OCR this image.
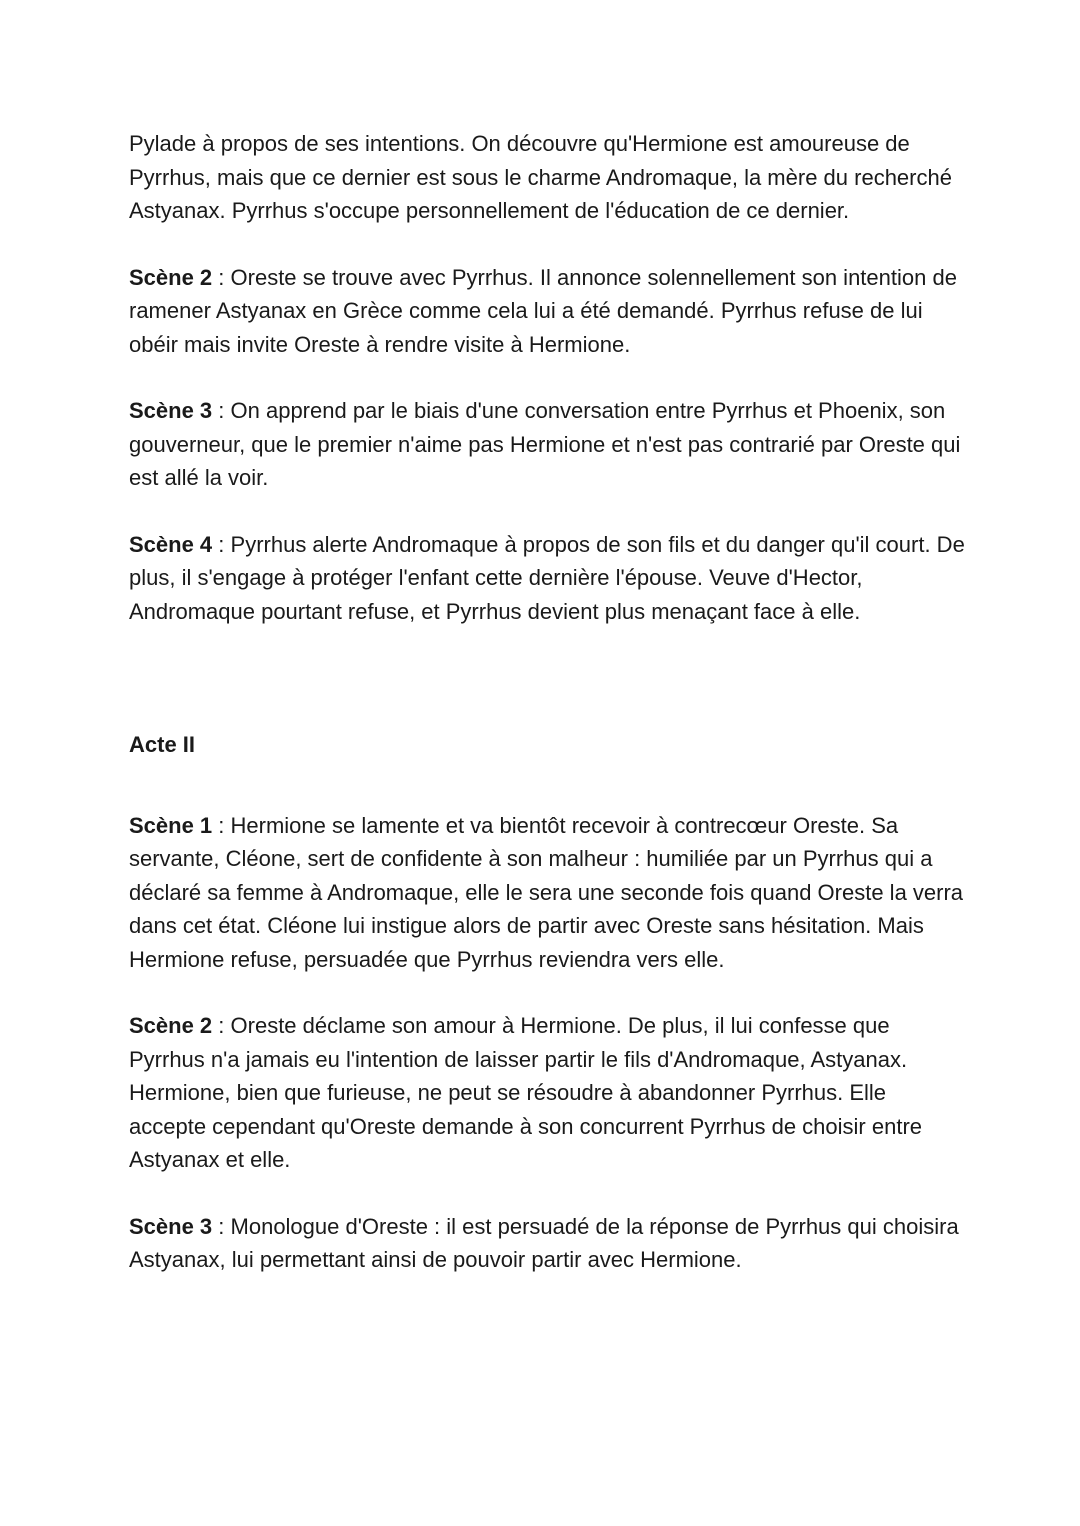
Pylade à propos de ses intentions. On découvre qu'Hermione est amoureuse de Pyrrhus, mais que ce dernier est sous le charme Andromaque, la mère du recherché Astyanax. Pyrrhus s'occupe personnellement de l'éducation de ce dernier.

Scène 2 : Oreste se trouve avec Pyrrhus. Il annonce solennellement son intention de ramener Astyanax en Grèce comme cela lui a été demandé. Pyrrhus refuse de lui obéir mais invite Oreste à rendre visite à Hermione.

Scène 3 : On apprend par le biais d'une conversation entre Pyrrhus et Phoenix, son gouverneur, que le premier n'aime pas Hermione et n'est pas contrarié par Oreste qui est allé la voir.

Scène 4 : Pyrrhus alerte Andromaque à propos de son fils et du danger qu'il court. De plus, il s'engage à protéger l'enfant cette dernière l'épouse. Veuve d'Hector, Andromaque pourtant refuse, et Pyrrhus devient plus menaçant face à elle.

Acte II

Scène 1 : Hermione se lamente et va bientôt recevoir à contrecœur Oreste. Sa servante, Cléone, sert de confidente à son malheur : humiliée par un Pyrrhus qui a déclaré sa femme à Andromaque, elle le sera une seconde fois quand Oreste la verra dans cet état. Cléone lui instigue alors de partir avec Oreste sans hésitation. Mais Hermione refuse, persuadée que Pyrrhus reviendra vers elle.

Scène 2 : Oreste déclame son amour à Hermione. De plus, il lui confesse que Pyrrhus n'a jamais eu l'intention de laisser partir le fils d'Andromaque, Astyanax. Hermione, bien que furieuse, ne peut se résoudre à abandonner Pyrrhus. Elle accepte cependant qu'Oreste demande à son concurrent Pyrrhus de choisir entre Astyanax et elle.

Scène 3 : Monologue d'Oreste : il est persuadé de la réponse de Pyrrhus qui choisira Astyanax, lui permettant ainsi de pouvoir partir avec Hermione.
